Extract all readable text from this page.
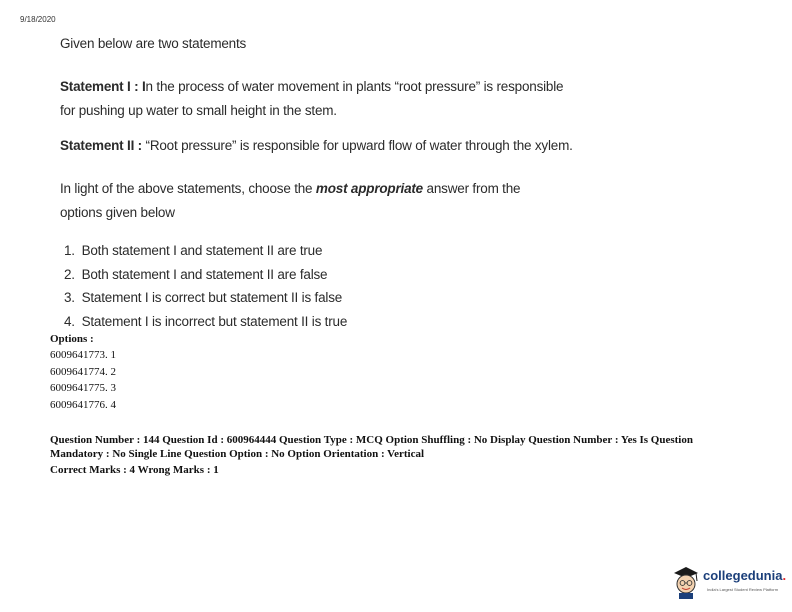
9/18/2020

Given below are two statements

Statement I : In the process of water movement in plants “root pressure” is responsible for pushing up water to small height in the stem.

Statement II : “Root pressure” is responsible for upward flow of water through the xylem.

In light of the above statements, choose the most appropriate answer from the options given below

1. Both statement I and statement II are true
2. Both statement I and statement II are false
3. Statement I is correct but statement II is false
4. Statement I is incorrect but statement II is true
Options :
6009641773. 1
6009641774. 2
6009641775. 3
6009641776. 4

Question Number : 144 Question Id : 600964444 Question Type : MCQ Option Shuffling : No Display Question Number : Yes Is Question Mandatory : No Single Line Question Option : No Option Orientation : Vertical

Correct Marks : 4 Wrong Marks : 1

collegedunia.
India's Largest Student Review Platform
